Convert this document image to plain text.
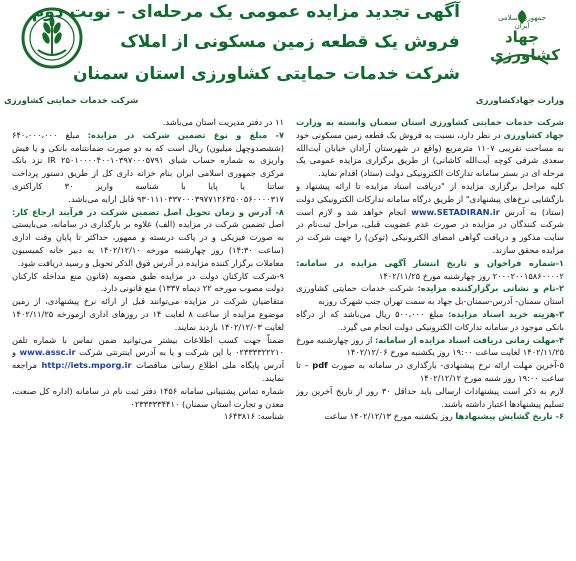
شرکت خدمات حمایتی کشاورزی
آگهی تجدید مزایده عمومی یک مرحله‌ای – نوبت دوم
فروش یک قطعه زمین مسکونی از املاک
شرکت خدمات حمایتی کشاورزی استان سمنان
جمهوری اسلامی ایران
جهاد کشاورزی
وزارت جهادکشاورزی
شرکت خدمات حمایتی کشاورزی استان سمنان وابسته به وزارت جهاد کشاورزی در نظر دارد، نسبت به فروش یک قطعه زمین مسکونی خود به مساحت تقریبی ۱۱۰۷ مترمربع (واقع در شهرستان آرادان خیابان آیت‌الله سعدی شرقی کوچه آیت‌الله کاشانی) از طریق برگزاری مزایده عمومی یک مرحله ای در بستر سامانه تدارکات الکترونیکی دولت (ستاد) اقدام نماید.
کلیه مراحل برگزاری مزایده از "دریافت اسناد مزایده تا ارائه پیشنهاد و بازگشایی نرخ‌های پیشنهادی" از طریق درگاه سامانه تدارکات الکترونیکی دولت (ستاد) به آدرس www.SETADIRAN.ir انجام خواهد شد و لازم است شرکت کنندگان در مزایده در صورت عدم عضویت قبلی، مراحل ثبت‌نام در سایت مذکور و دریافت گواهی امضای الکترونیکی (توکن) را جهت شرکت در مزایده محقق سازند.
۱-شماره فراخوان و تاریخ انتشار آگهی مزایده در سامانه: ۲۰۰۰۲۰۰۱۵۸۶۰۰۰۰۲ روز چهارشنبه مورخ ۱۴۰۲/۱۱/۲۵
۲-نام و نشانی برگزارکننده مزایده: شرکت خدمات حمایتی کشاورزی استان سمنان- آدرس-سمنان-بل جهاد به سمت تهران جنب شهرک روزبه
۳-هزینه خرید اسناد مزایده: مبلغ ۵۰۰،۰۰۰ ریال می‌باشد که از درگاه بانکی موجود در سامانه تدارکات الکترونیکی دولت انجام می گیرد.
۴-مهلت زمانی دریافت اسناد مزایده از سامانه: از روز چهارشنبه مورخ ۱۴۰۲/۱۱/۲۵ لغایت ساعت ۱۹:۰۰ روز یکشنبه مورخ ۱۴۰۲/۱۲/۰۶
۵-آخرین مهلت ارائه نرخ پیشنهادی- بارگذاری در سامانه به صورت pdf – تا ساعت ۱۹:۰۰ روز شنبه مورخ ۱۴۰۲/۱۲/۱۲
لازم به ذکر است پیشنهادات ارسالی باید حداقل ۳۰ روز از تاریخ آخرین روز تسلیم پیشنهادها اعتبار داشته باشند.
۶- تاریخ گشایش پیشنهادها روز یکشنبه مورخ ۱۴۰۲/۱۲/۱۳ ساعت
۱۱ در دفتر مدیریت استان می‌باشد.
۷- مبلغ و نوع تضمین شرکت در مزایده: مبلغ ۶۴۰،۰۰۰،۰۰۰ (ششصدوچهل میلیون) ریال است که به دو صورت ضمانتنامه بانکی و یا فیش واریزی به شماره حساب شبای IR ۲۵۰۱۰۰۰۰۴۰۰۱۰۳۹۷۰۰۰۵۷۹۱ نزد بانک مرکزی جمهوری اسلامی ایران بنام خزانه داری کل از طریق دستور پرداخت ساتنا یا پایا با شناسه واریز ۳۰ کاراکتری ۹۳۰۱۱۱۰۳۳۷۰۰۰۳۹۷۷۱۲۶۳۵۰۰۵۶۰۰۰۰۳۱۷ قابل ارایه می‌باشد.
۸- آدرس و زمان تحویل اصل تضمین شرکت در فرآیند ارجاع کار: اصل تضمین شرکت در مزایده (الف) علاوه بر بارگذاری در سامانه، می‌بایستی به صورت فیزیکی و در پاکت دربسته و ممهور، حداکثر تا پایان وقت اداری (ساعت ۱۴:۳۰) روز چهارشنبه مورخه ۱۴۰۲/۱۲/۱۰ به دبیر خانه کمیسیون معاملات برگزار کننده مزایده در آدرس فوق الذکر تحویل و رسید دریافت شود.
۹-شرکت کارکنان دولت در مزایده طبق مصوبه (قانون منع مداخله کارکنان دولت مصوب مورخه ۲۲ دیماه ۱۳۳۷) منع قانونی دارد.
متقاضیان شرکت در مزایده می‌توانند قبل از ارائه نرخ پیشنهادی، از زمین موضوع مزایده از ساعت ۸ لغایت ۱۴ در روزهای اداری ازمورخه ۱۴۰۲/۱۱/۲۵ لغایت ۱۴۰۲/۱۲/۰۳ بازدید نمایند.
ضمناً جهت کسب اطلاعات بیشتر می‌توانید ضمن تماس با شماره تلفن ۰۲۳۳۳۳۲۲۲۱۰ با این شرکت و یا به آدرس اینترنتی شرکت www.assc.ir و آدرس پایگاه ملی اطلاع رسانی مناقصات http://iets.mporg.ir مراجعه نمایند.
شماره تماس پشتیبانی سامانه ۱۴۵۶ دفتر ثبت نام در سامانه (اداره کل صنعت، معدن و تجارت استان سمنان) ۰۲۳۳۳۳۳۴۴۱۰
شناسه: ۱۶۴۳۸۱۶
